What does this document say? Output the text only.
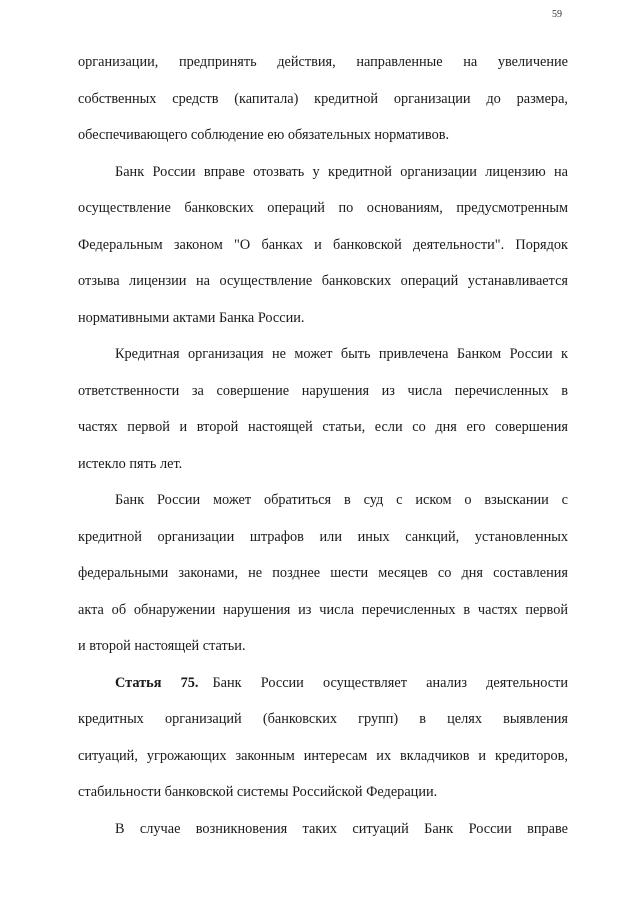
59

организации, предпринять действия, направленные на увеличение
собственных средств (капитала) кредитной организации до размера,
обеспечивающего соблюдение ею обязательных нормативов.

Банк России вправе отозвать у кредитной организации лицензию на
осуществление банковских операций по основаниям, предусмотренным
Федеральным законом "О банках и банковской деятельности". Порядок
отзыва лицензии на осуществление банковских операций устанавливается
нормативными актами Банка России.

Кредитная организация не может быть привлечена Банком России к
ответственности за совершение нарушения из числа перечисленных в
частях первой и второй настоящей статьи, если со дня его совершения
истекло пять лет.

Банк России может обратиться в суд с иском о взыскании с
кредитной организации штрафов или иных санкций, установленных
федеральными законами, не позднее шести месяцев со дня составления
акта об обнаружении нарушения из числа перечисленных в частях первой
и второй настоящей статьи.

Статья 75. Банк России осуществляет анализ деятельности
кредитных организаций (банковских групп) в целях выявления
ситуаций, угрожающих законным интересам их вкладчиков и кредиторов,
стабильности банковской системы Российской Федерации.

В случае возникновения таких ситуаций Банк России вправе
